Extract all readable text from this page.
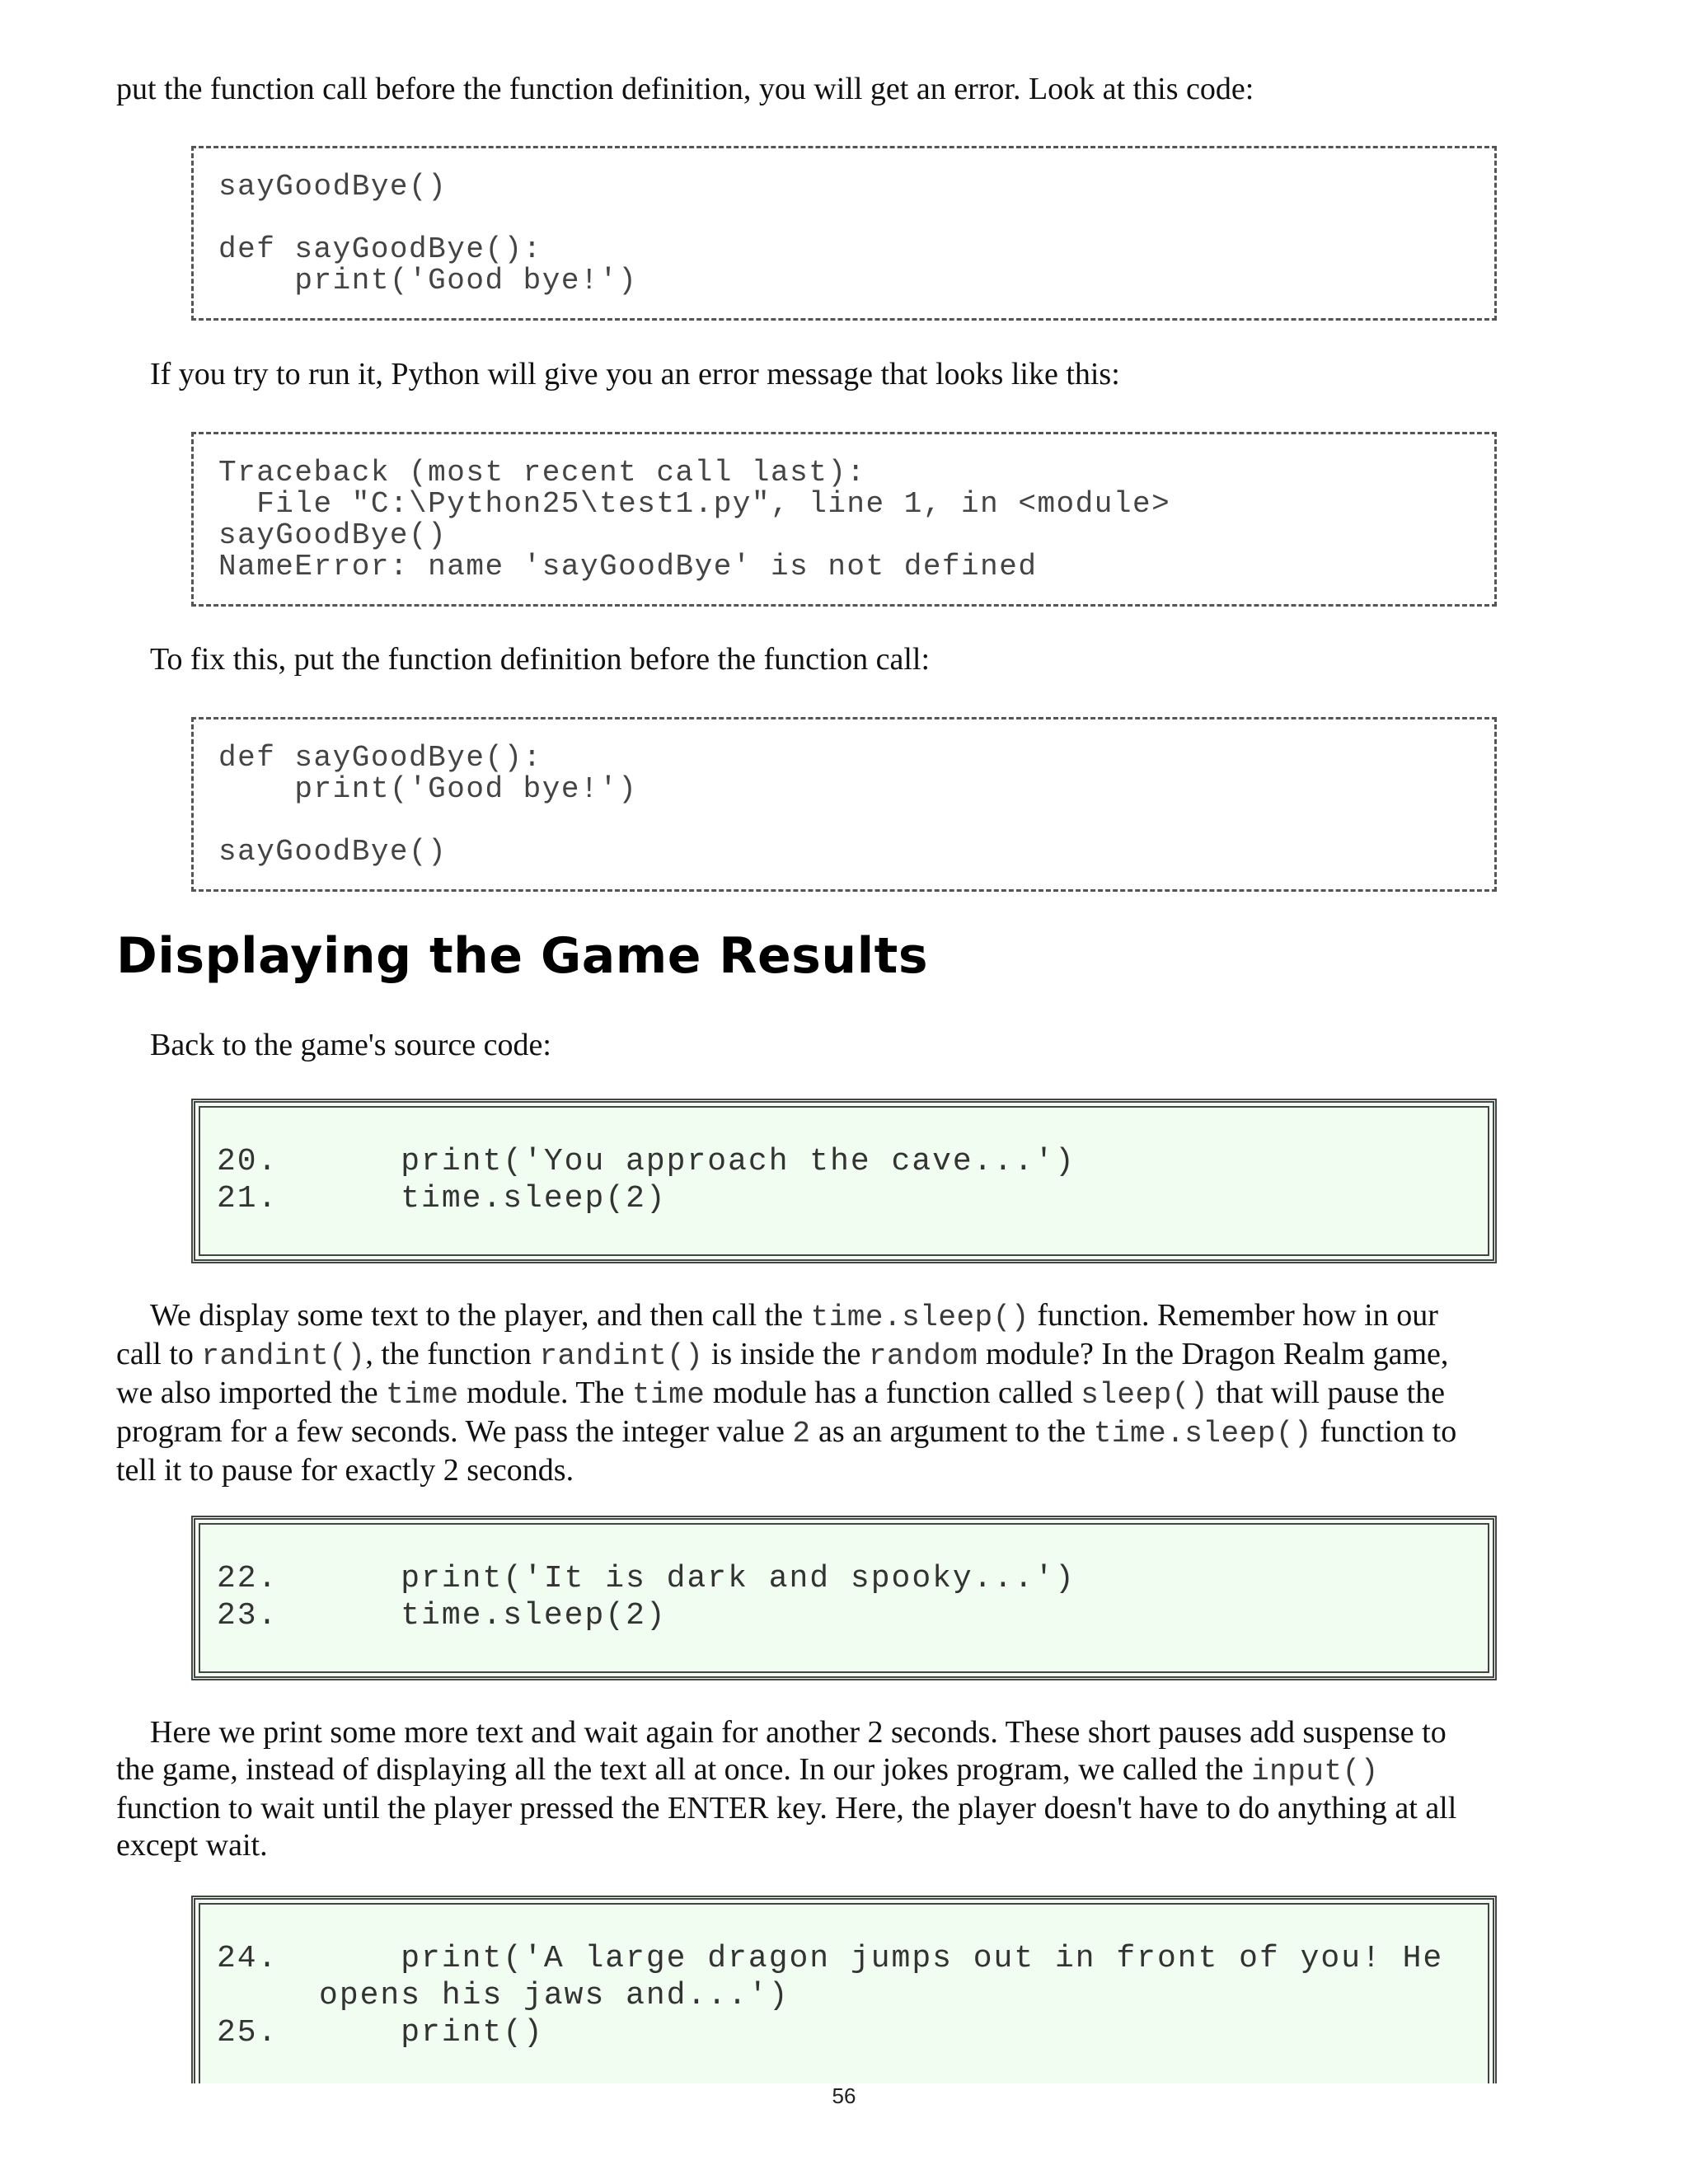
put the function call before the function definition, you will get an error. Look at this code:

sayGoodBye()
def sayGoodBye():
print('Good bye!')

If you try to run it, Python will give you an error message that looks like this:

Traceback (most recent call last):
File "C:\Python25\test1.py", line 1, in <module>
sayGoodBye()
NameError: name 'sayGoodBye' is not defined

To fix this, put the function definition before the function call:

def sayGoodBye():
print('Good bye!')
sayGoodBye()
Displaying the Game Results

Back to the game's source code:

20.      print('You approach the cave...')
21.      time.sleep(2)
We display some text to the player, and then call the time.sleep() function. Remember how in our
call to randint(), the function randint() is inside the random module? In the Dragon Realm game,
we also imported the time module. The time module has a function called sleep() that will pause the
program for a few seconds. We pass the integer value 2 as an argument to the time.sleep() function to
tell it to pause for exactly 2 seconds.
22.      print('It is dark and spooky...')
23.      time.sleep(2)
Here we print some more text and wait again for another 2 seconds. These short pauses add suspense to
the game, instead of displaying all the text all at once. In our jokes program, we called the input()
function to wait until the player pressed the ENTER key. Here, the player doesn't have to do anything at all
except wait.
24.      print('A large dragon jumps out in front of you! He
opens his jaws and...')
25.      print()
56
